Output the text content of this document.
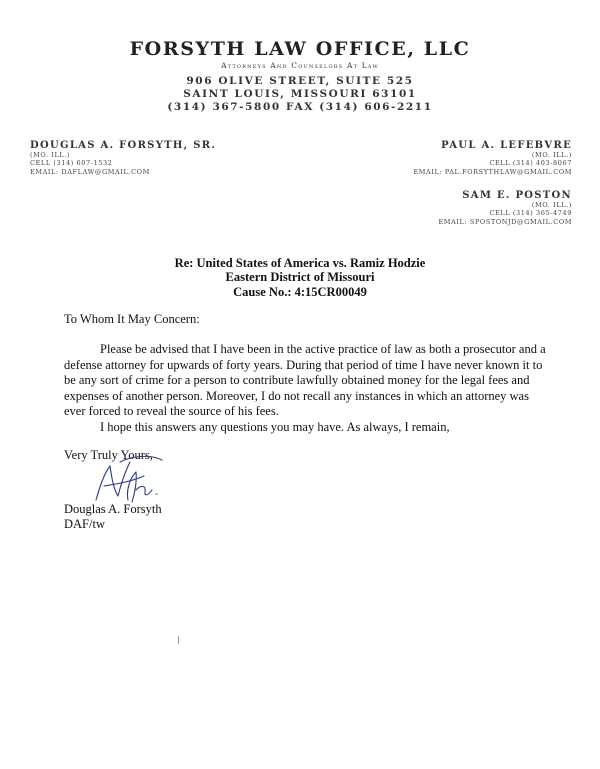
FORSYTH LAW OFFICE, LLC
Attorneys And Counselors At Law
906 OLIVE STREET, SUITE 525
SAINT LOUIS, MISSOURI 63101
(314) 367-5800 FAX (314) 606-2211
DOUGLAS A. FORSYTH, SR.
(MO. ILL.)
CELL (314) 607-1532
EMAIL: DAFLAW@GMAIL.COM
PAUL A. LEFEBVRE
(MO. ILL.)
CELL (314) 403-8067
EMAIL: PAL.FORSYTHLAW@GMAIL.COM
SAM E. POSTON
(MO. ILL.)
CELL (314) 365-4749
EMAIL: SPOSTONJD@GMAIL.COM
Re: United States of America vs. Ramiz Hodzie
Eastern District of Missouri
Cause No.: 4:15CR00049
To Whom It May Concern:
Please be advised that I have been in the active practice of law as both a prosecutor and a defense attorney for upwards of forty years. During that period of time I have never known it to be any sort of crime for a person to contribute lawfully obtained money for the legal fees and expenses of another person. Moreover, I do not recall any instances in which an attorney was ever forced to reveal the source of his fees.
I hope this answers any questions you may have. As always, I remain,
Very Truly Yours,
Douglas A. Forsyth
DAF/tw
